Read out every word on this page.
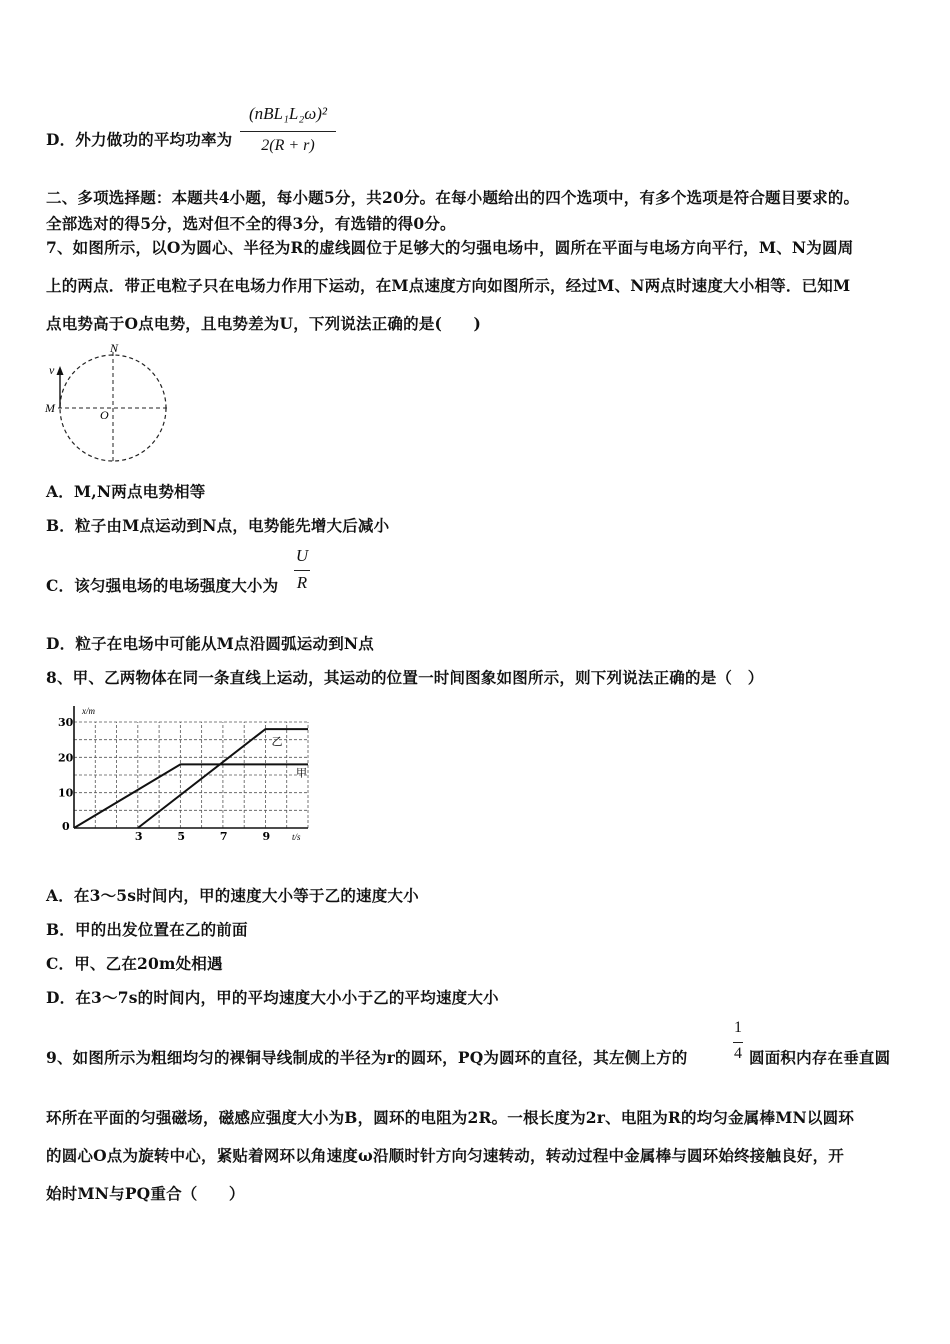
D．外力做功的平均功率为
(nBL₁L₂ω)²
2(R + r)
二、多项选择题：本题共4小题，每小题5分，共20分。在每小题给出的四个选项中，有多个选项是符合题目要求的。
全部选对的得5分，选对但不全的得3分，有选错的得0分。
7、如图所示，以O为圆心、半径为R的虚线圆位于足够大的匀强电场中，圆所在平面与电场方向平行，M、N为圆周
上的两点．带正电粒子只在电场力作用下运动，在M点速度方向如图所示，经过M、N两点时速度大小相等．已知M
点电势高于O点电势，且电势差为U，下列说法正确的是(　　)
v
M
N
O
A．M,N两点电势相等
B．粒子由M点运动到N点，电势能先增大后减小
C．该匀强电场的电场强度大小为
U
R
D．粒子在电场中可能从M点沿圆弧运动到N点
8、甲、乙两物体在同一条直线上运动，其运动的位置一时间图象如图所示，则下列说法正确的是（　）
0
3	5	7	9
10
20
30
甲
乙
x/m
t/s
A．在3～5s时间内，甲的速度大小等于乙的速度大小
B．甲的出发位置在乙的前面
C．甲、乙在20m处相遇
D．在3～7s的时间内，甲的平均速度大小小于乙的平均速度大小
9、如图所示为粗细均匀的裸铜导线制成的半径为r的圆环，PQ为圆环的直径，其左侧上方的
1
4 圆面积内存在垂直圆
环所在平面的匀强磁场，磁感应强度大小为B，圆环的电阻为2R。一根长度为2r、电阻为R的均匀金属棒MN以圆环
的圆心O点为旋转中心，紧贴着网环以角速度ω沿顺时针方向匀速转动，转动过程中金属棒与圆环始终接触良好，开
始时MN与PQ重合（　　）
